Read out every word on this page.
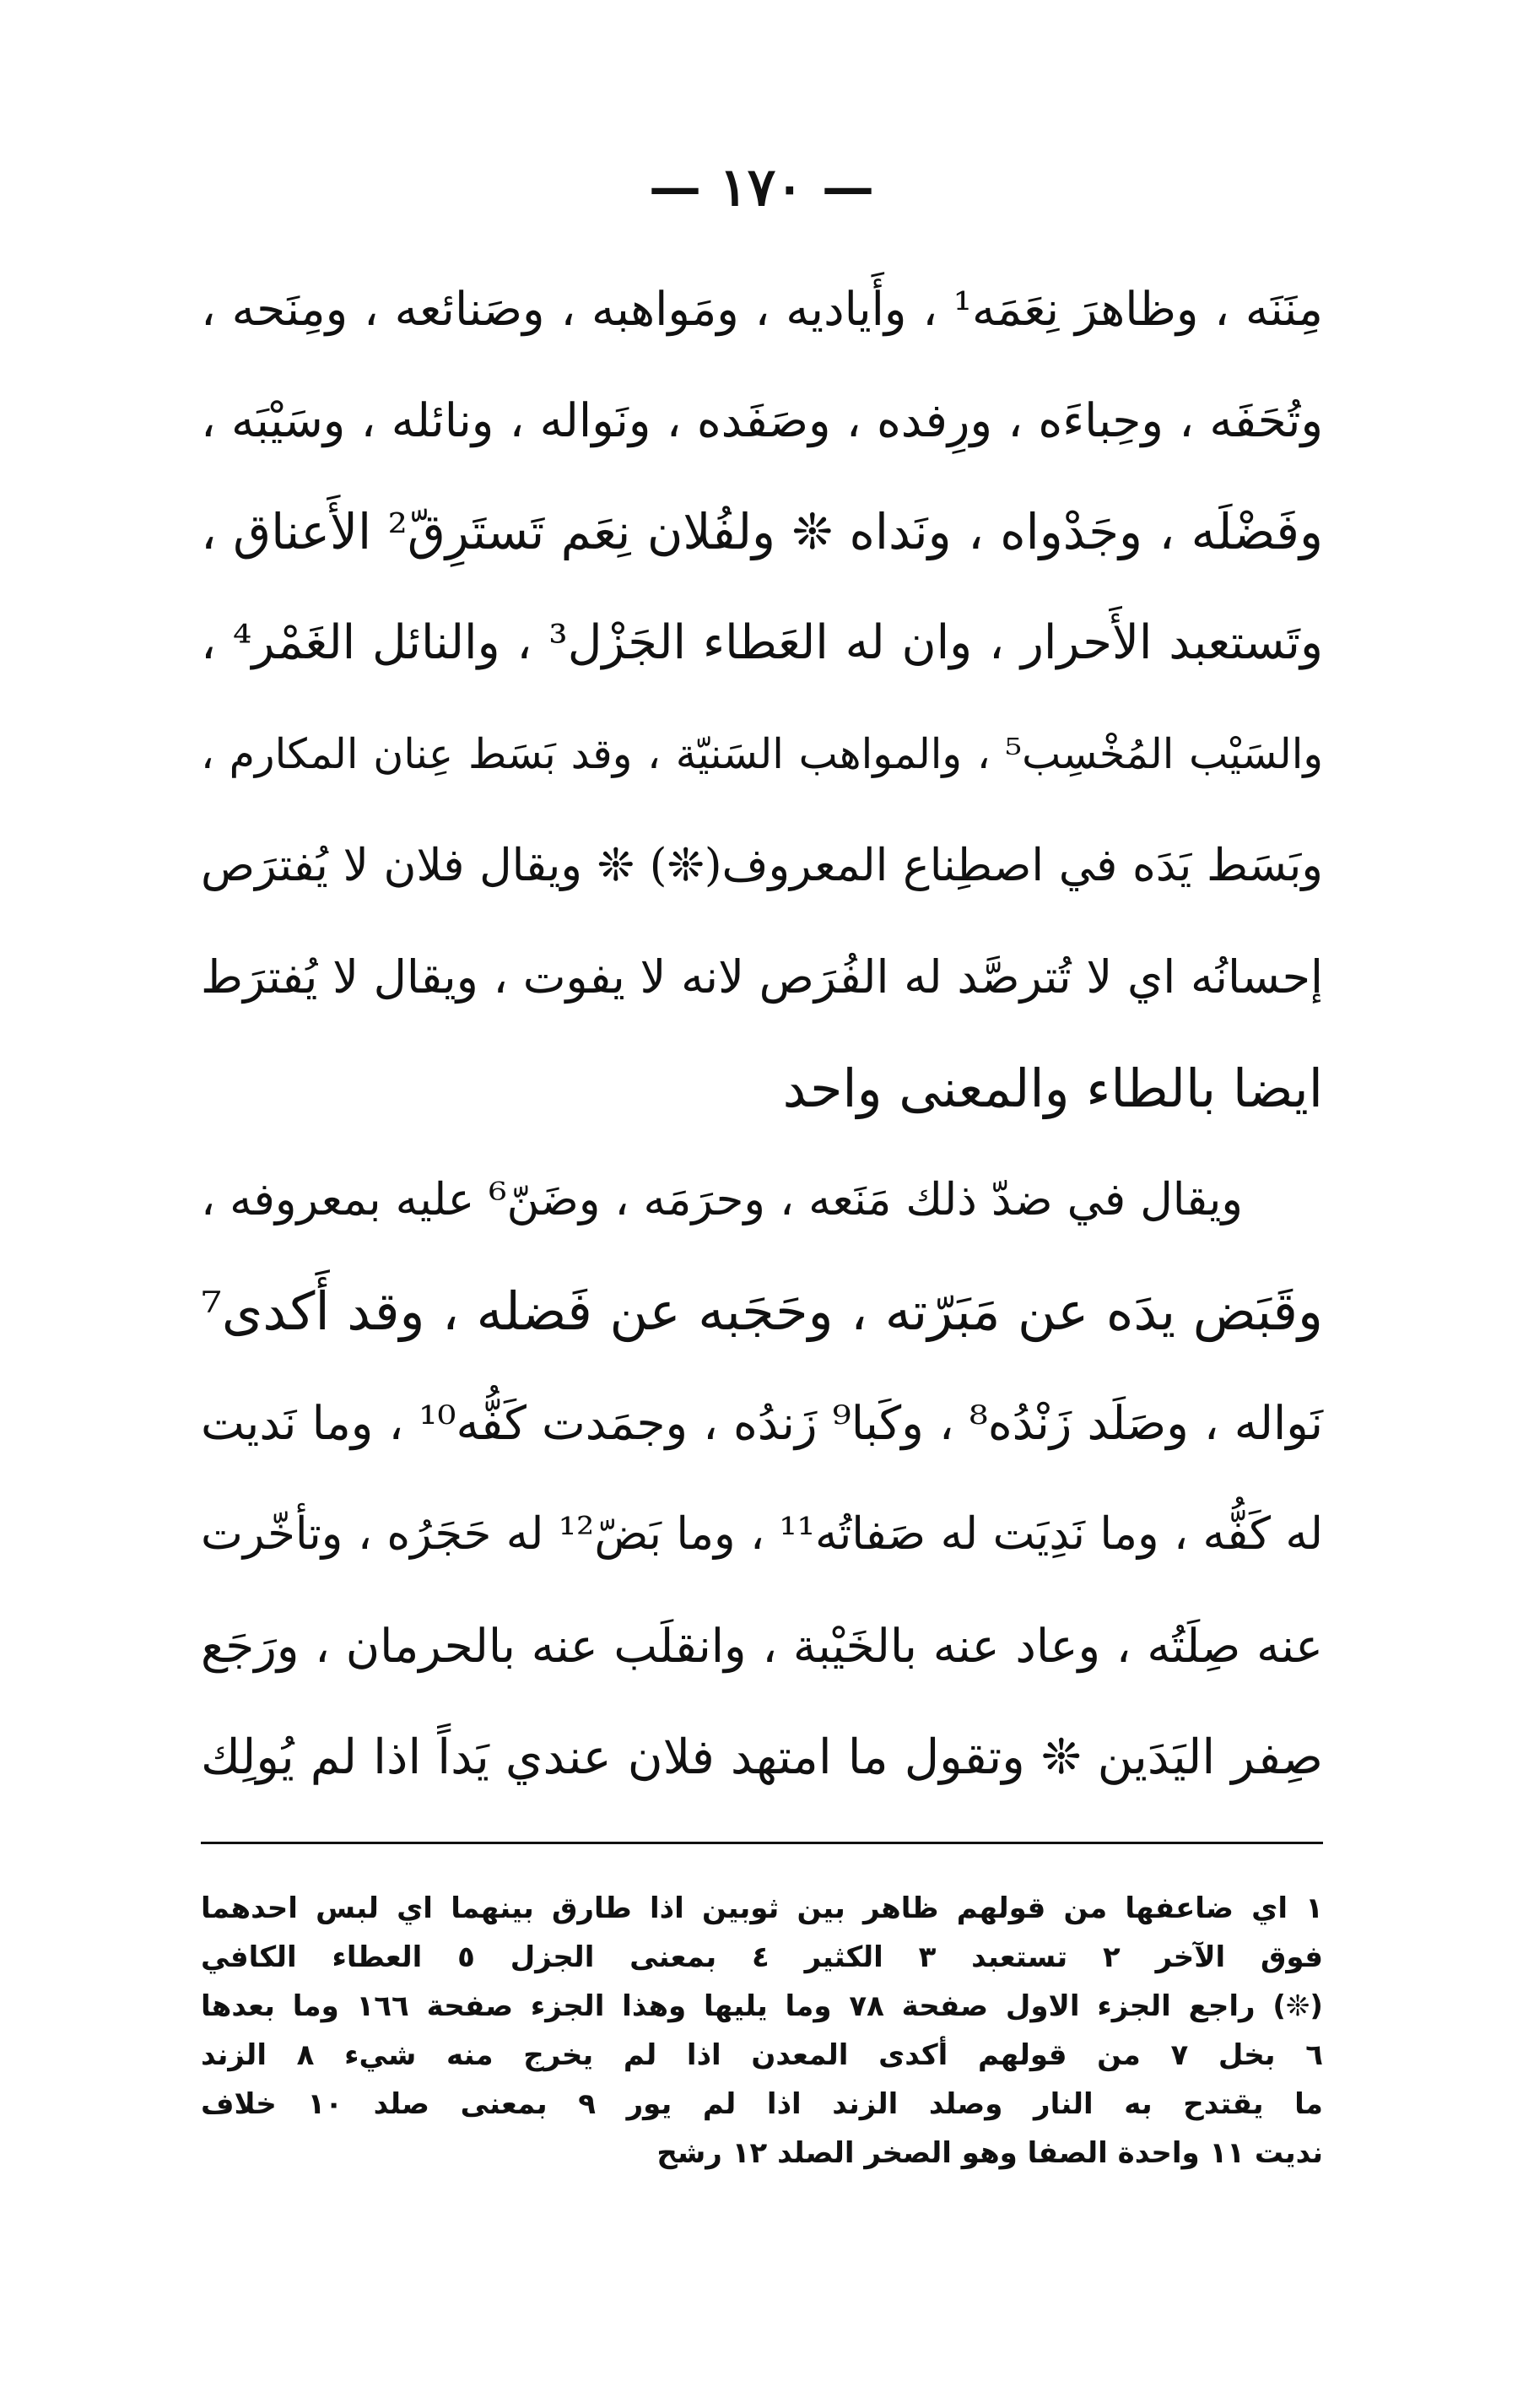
— ١٧٠ —
مِنَنَه ، وظاهرَ نِعَمَه¹ ، وأَياديه ، ومَواهبه ، وصَنائعه ، ومِنَحه ،
وتُحَفَه ، وحِباءَه ، ورِفده ، وصَفَده ، ونَواله ، ونائله ، وسَيْبَه ،
وفَضْلَه ، وجَدْواه ، ونَداه ❊ ولفُلان نِعَم تَستَرِقّ² الأَعناق ،
وتَستعبد الأَحرار ، وان له العَطاء الجَزْل³ ، والنائل الغَمْر⁴ ،
والسَيْب المُخْسِب⁵ ، والمواهب السَنيّة ، وقد بَسَط عِنان المكارم ،
وبَسَط يَدَه في اصطِناع المعروف(❊) ❊ ويقال فلان لا يُفترَص
إحسانُه اي لا تُترصَّد له الفُرَص لانه لا يفوت ، ويقال لا يُفترَط
ايضا بالطاء والمعنى واحد
ويقال في ضدّ ذلك مَنَعه ، وحرَمَه ، وضَنّ⁶ عليه بمعروفه ،
وقَبَض يدَه عن مَبَرّته ، وحَجَبه عن فَضله ، وقد أَكدى⁷
نَواله ، وصَلَد زَنْدُه⁸ ، وكَبا⁹ زَندُه ، وجمَدت كَفُّه¹⁰ ، وما نَديت
له كَفُّه ، وما نَدِيَت له صَفاتُه¹¹ ، وما بَضّ¹² له حَجَرُه ، وتأخّرت
عنه صِلَتُه ، وعاد عنه بالخَيْبة ، وانقلَب عنه بالحرمان ، ورَجَع
صِفر اليَدَين ❊ وتقول ما امتهد فلان عندي يَداً اذا لم يُولِك
١ اي ضاعفها من قولهم ظاهر بين ثوبين اذا طارق بينهما اي لبس احدهما
فوق الآخر ٢ تستعبد ٣ الكثير ٤ بمعنى الجزل ٥ العطاء الكافي
(❊) راجع الجزء الاول صفحة ٧٨ وما يليها وهذا الجزء صفحة ١٦٦ وما بعدها
٦ بخل ٧ من قولهم أكدى المعدن اذا لم يخرج منه شيء ٨ الزند
ما يقتدح به النار وصلد الزند اذا لم يور ٩ بمعنى صلد ١٠ خلاف
نديت ١١ واحدة الصفا وهو الصخر الصلد ١٢ رشح
